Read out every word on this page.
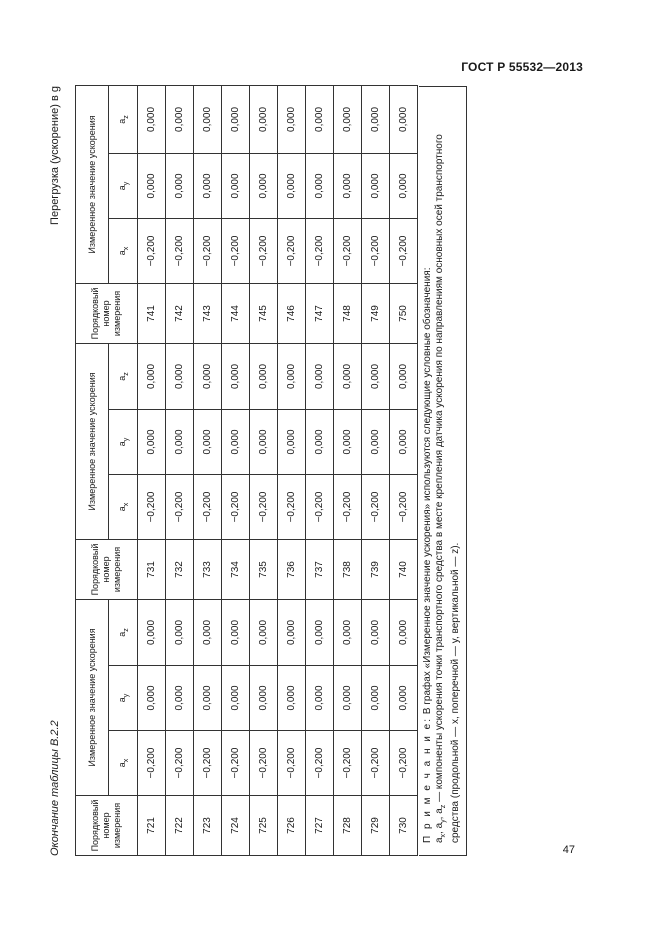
ГОСТ Р 55532—2013
47
Окончание таблицы В.2.2
Перегрузка (ускорение) в g
Порядковый номер измерения	Измеренное значение ускорения			Порядковый номер измерения	Измеренное значение ускорения			Порядковый номер измерения	Измеренное значение ускорения		
	$a_x$	$a_y$	$a_z$		$a_x$	$a_y$	$a_z$		$a_x$	$a_y$	$a_z$
721	−0,200	0,000	0,000	731	−0,200	0,000	0,000	741	−0,200	0,000	0,000
722	−0,200	0,000	0,000	732	−0,200	0,000	0,000	742	−0,200	0,000	0,000
723	−0,200	0,000	0,000	733	−0,200	0,000	0,000	743	−0,200	0,000	0,000
724	−0,200	0,000	0,000	734	−0,200	0,000	0,000	744	−0,200	0,000	0,000
725	−0,200	0,000	0,000	735	−0,200	0,000	0,000	745	−0,200	0,000	0,000
726	−0,200	0,000	0,000	736	−0,200	0,000	0,000	746	−0,200	0,000	0,000
727	−0,200	0,000	0,000	737	−0,200	0,000	0,000	747	−0,200	0,000	0,000
728	−0,200	0,000	0,000	738	−0,200	0,000	0,000	748	−0,200	0,000	0,000
729	−0,200	0,000	0,000	739	−0,200	0,000	0,000	749	−0,200	0,000	0,000
730	−0,200	0,000	0,000	740	−0,200	0,000	0,000	750	−0,200	0,000	0,000
П р и м е ч а н и е: В графах «Измеренное значение ускорения» используются следующие условные обозначения:
$a_x$, $a_y$, $a_z$ — компоненты ускорения точки транспортного средства в месте крепления датчика ускорения по направлениям основных осей транспортного средства (продольной — x, поперечной — y, вертикальной — z).
